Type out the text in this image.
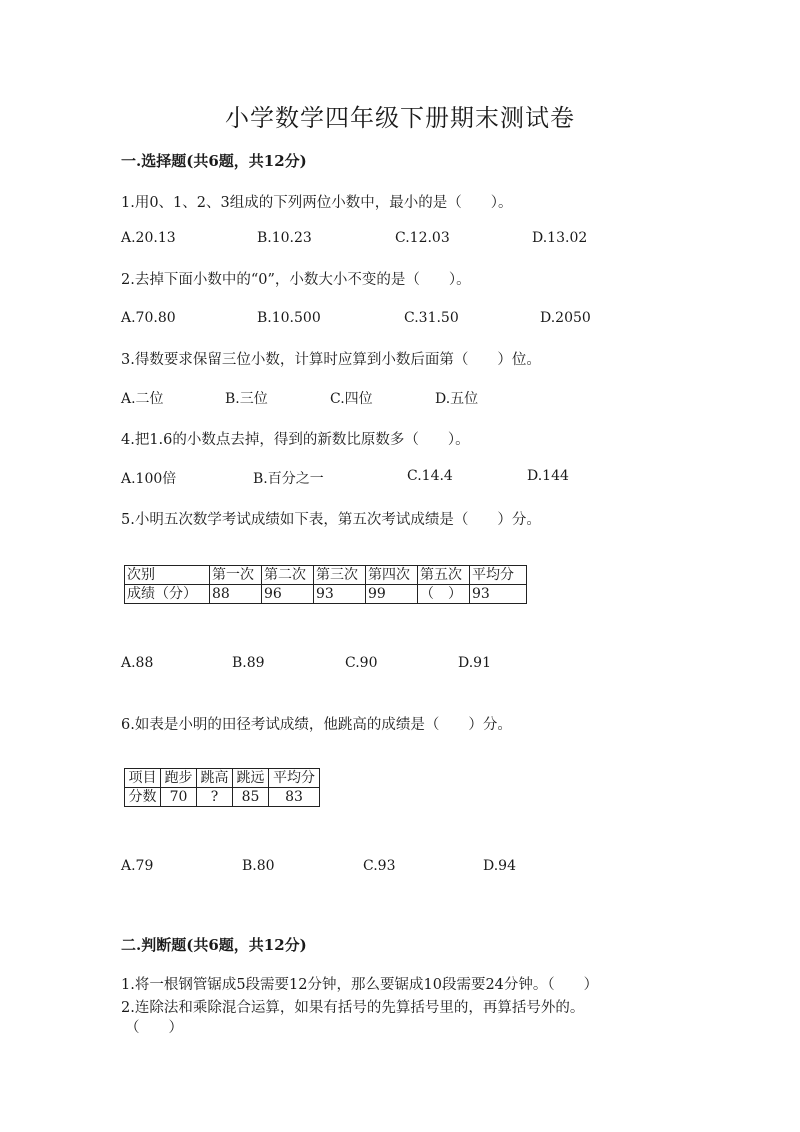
小学数学四年级下册期末测试卷
一.选择题(共6题，共12分)
1.用0、1、2、3组成的下列两位小数中，最小的是（　　）。
A.20.13	B.10.23	C.12.03	D.13.02
2.去掉下面小数中的“0”，小数大小不变的是（　　）。
A.70.80	B.10.500	C.31.50	D.2050
3.得数要求保留三位小数，计算时应算到小数后面第（　　）位。
A.二位	B.三位	C.四位	D.五位
4.把1.6的小数点去掉，得到的新数比原数多（　　）。
A.100倍	B.百分之一	C.14.4	D.144
5.小明五次数学考试成绩如下表，第五次考试成绩是（　　）分。
次别	第一次	第二次	第三次	第四次	第五次	平均分
成绩（分）	88	96	93	99	（　）	93
A.88	B.89	C.90	D.91
6.如表是小明的田径考试成绩，他跳高的成绩是（　　）分。
项目	跑步	跳高	跳远	平均分
分数	70	?	85	83
A.79	B.80	C.93	D.94
二.判断题(共6题，共12分)
1.将一根钢管锯成5段需要12分钟，那么要锯成10段需要24分钟。（　　）
2.连除法和乘除混合运算，如果有括号的先算括号里的，再算括号外的。
（　　）
